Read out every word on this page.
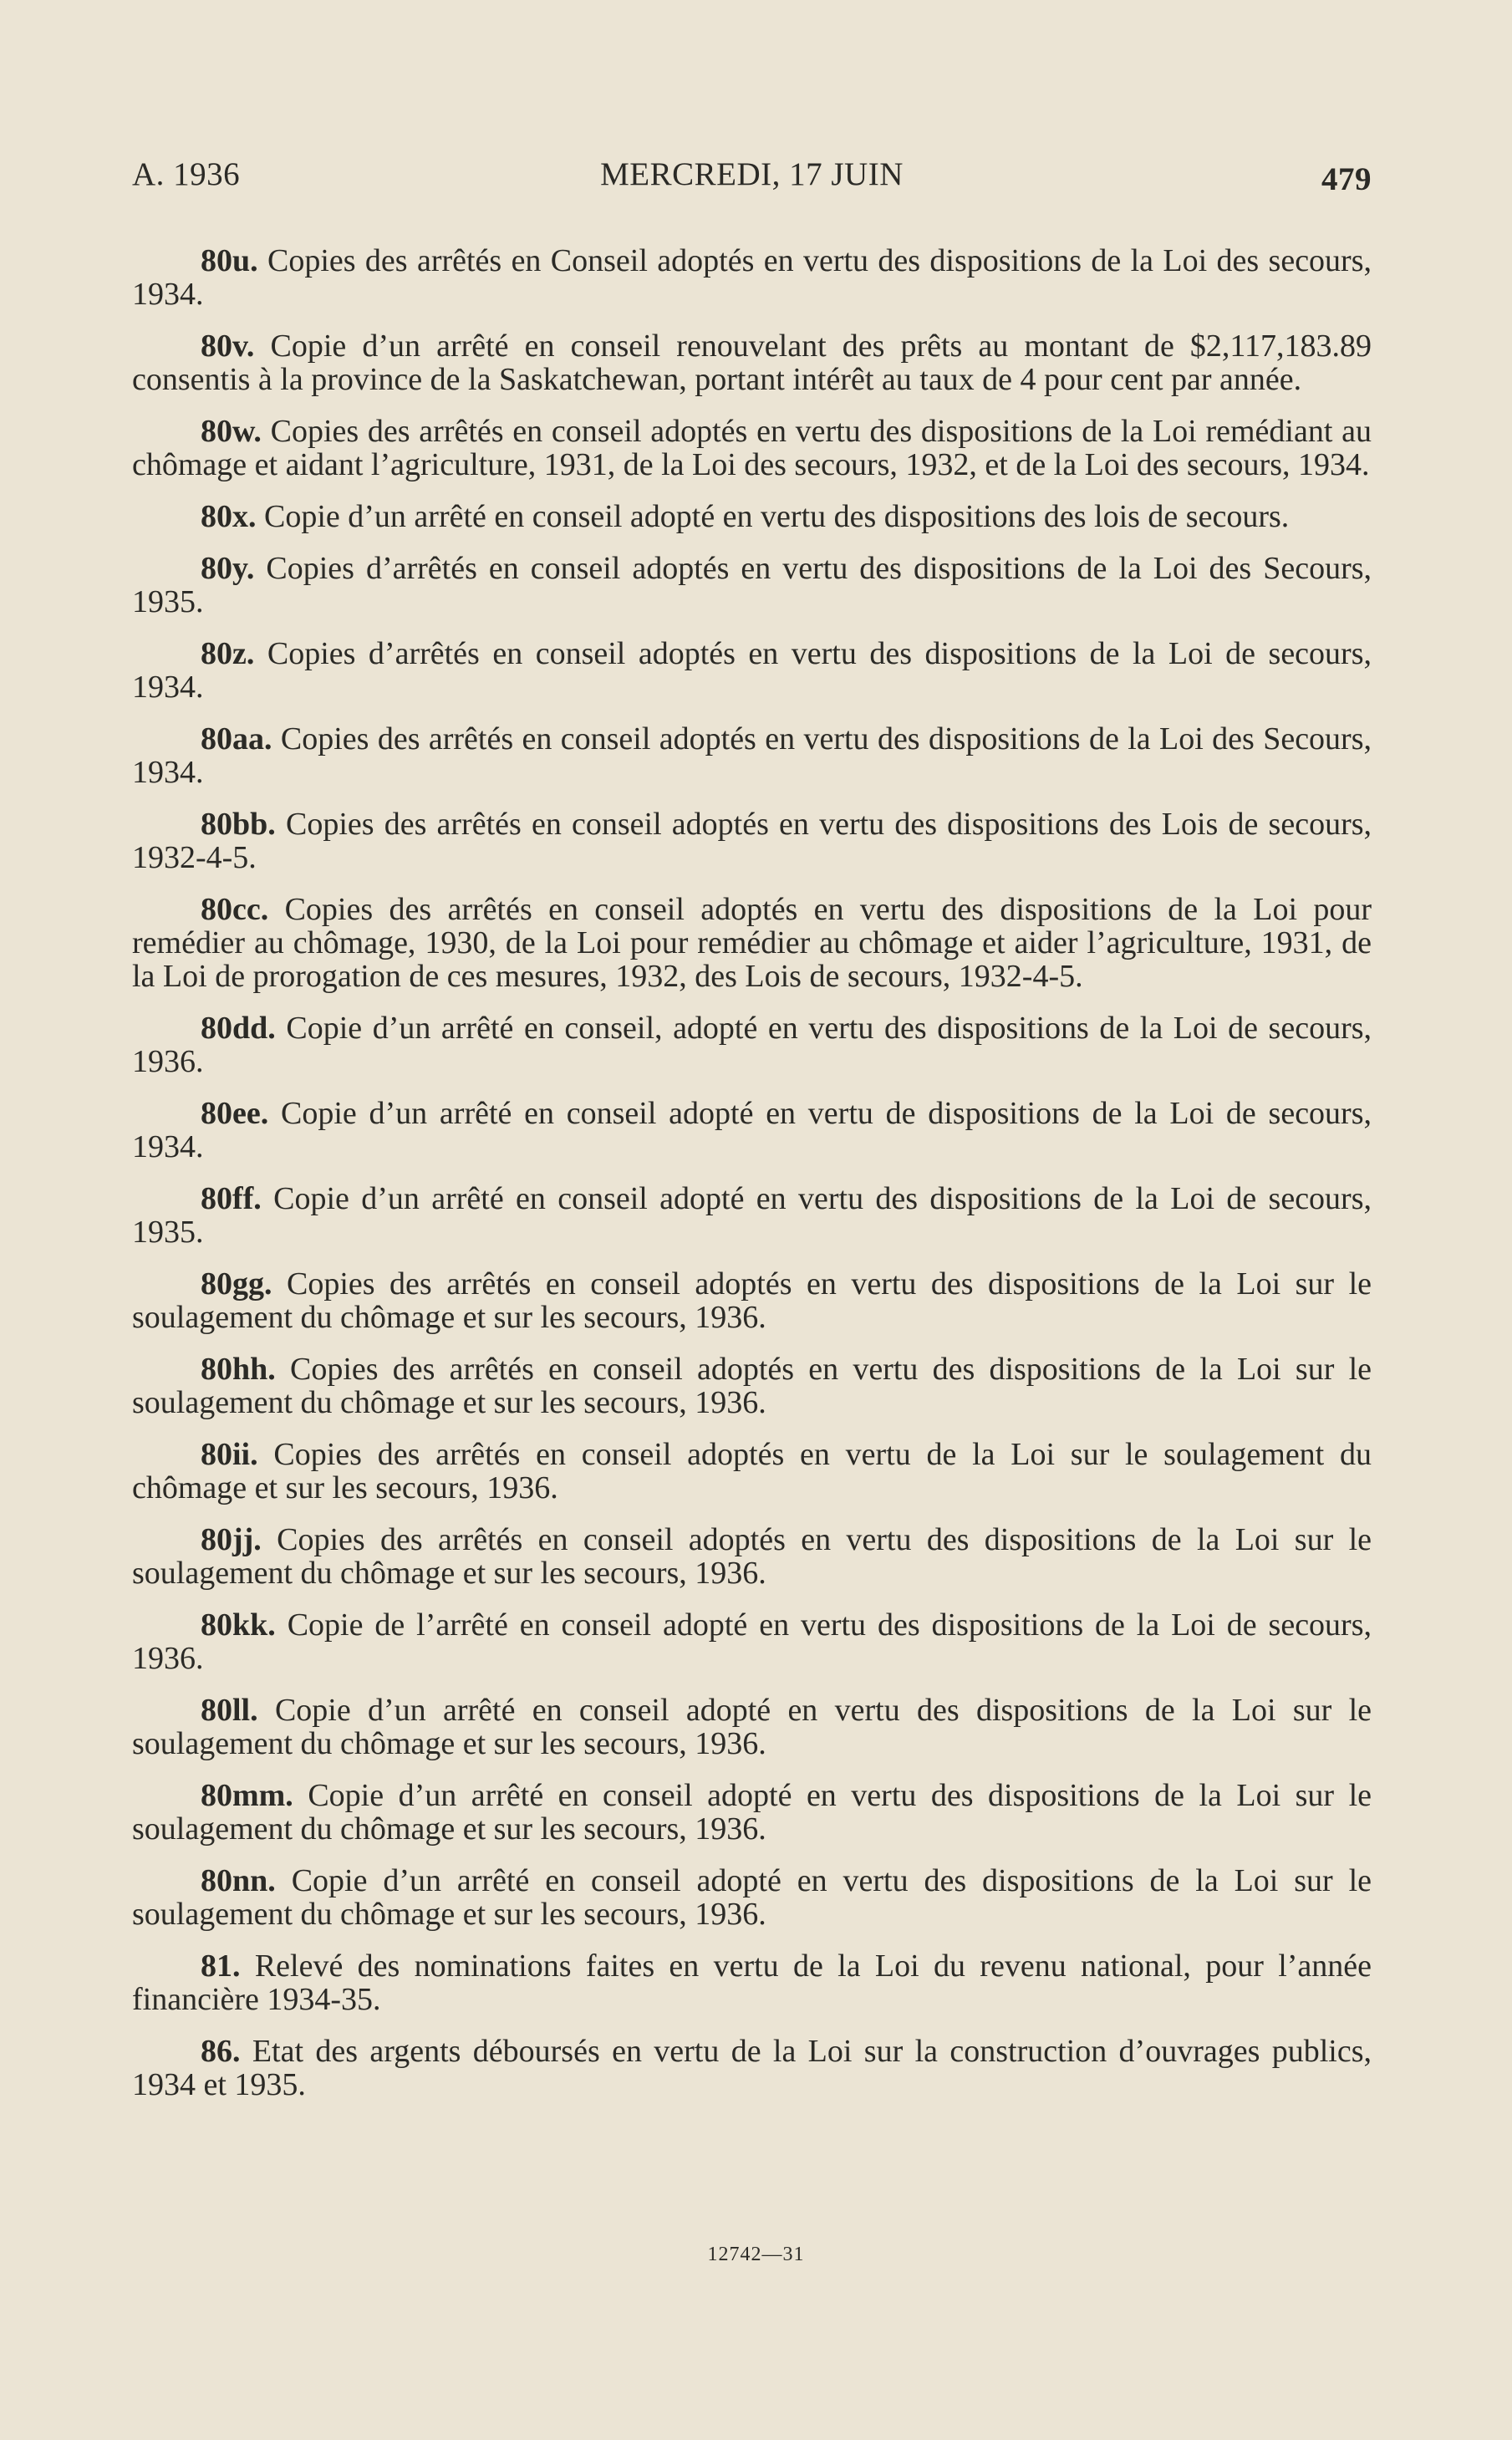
A. 1936	MERCREDI, 17 JUIN	479

80u. Copies des arrêtés en Conseil adoptés en vertu des dispositions de la Loi des secours, 1934.

80v. Copie d’un arrêté en conseil renouvelant des prêts au montant de $2,117,183.89 consentis à la province de la Saskatchewan, portant intérêt au taux de 4 pour cent par année.

80w. Copies des arrêtés en conseil adoptés en vertu des dispositions de la Loi remédiant au chômage et aidant l’agriculture, 1931, de la Loi des secours, 1932, et de la Loi des secours, 1934.

80x. Copie d’un arrêté en conseil adopté en vertu des dispositions des lois de secours.

80y. Copies d’arrêtés en conseil adoptés en vertu des dispositions de la Loi des Secours, 1935.

80z. Copies d’arrêtés en conseil adoptés en vertu des dispositions de la Loi de secours, 1934.

80aa. Copies des arrêtés en conseil adoptés en vertu des dispositions de la Loi des Secours, 1934.

80bb. Copies des arrêtés en conseil adoptés en vertu des dispositions des Lois de secours, 1932-4-5.

80cc. Copies des arrêtés en conseil adoptés en vertu des dispositions de la Loi pour remédier au chômage, 1930, de la Loi pour remédier au chômage et aider l’agriculture, 1931, de la Loi de prorogation de ces mesures, 1932, des Lois de secours, 1932-4-5.

80dd. Copie d’un arrêté en conseil, adopté en vertu des dispositions de la Loi de secours, 1936.

80ee. Copie d’un arrêté en conseil adopté en vertu de dispositions de la Loi de secours, 1934.

80ff. Copie d’un arrêté en conseil adopté en vertu des dispositions de la Loi de secours, 1935.

80gg. Copies des arrêtés en conseil adoptés en vertu des dispositions de la Loi sur le soulagement du chômage et sur les secours, 1936.

80hh. Copies des arrêtés en conseil adoptés en vertu des dispositions de la Loi sur le soulagement du chômage et sur les secours, 1936.

80ii. Copies des arrêtés en conseil adoptés en vertu de la Loi sur le soulagement du chômage et sur les secours, 1936.

80jj. Copies des arrêtés en conseil adoptés en vertu des dispositions de la Loi sur le soulagement du chômage et sur les secours, 1936.

80kk. Copie de l’arrêté en conseil adopté en vertu des dispositions de la Loi de secours, 1936.

80ll. Copie d’un arrêté en conseil adopté en vertu des dispositions de la Loi sur le soulagement du chômage et sur les secours, 1936.

80mm. Copie d’un arrêté en conseil adopté en vertu des dispositions de la Loi sur le soulagement du chômage et sur les secours, 1936.

80nn. Copie d’un arrêté en conseil adopté en vertu des dispositions de la Loi sur le soulagement du chômage et sur les secours, 1936.

81. Relevé des nominations faites en vertu de la Loi du revenu national, pour l’année financière 1934-35.

86. Etat des argents déboursés en vertu de la Loi sur la construction d’ouvrages publics, 1934 et 1935.

12742—31
